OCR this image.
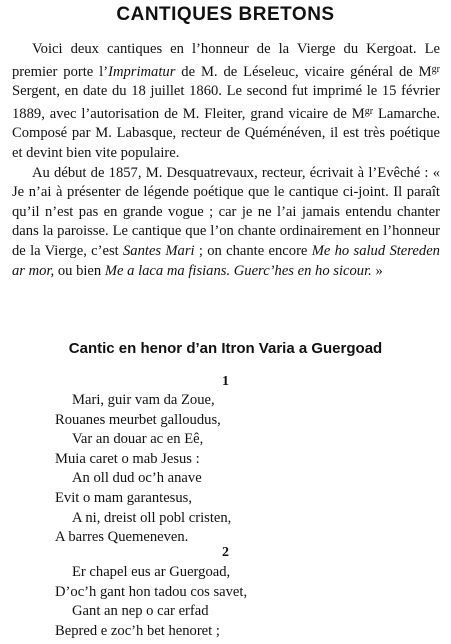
CANTIQUES BRETONS

Voici deux cantiques en l’honneur de la Vierge du Kergoat. Le premier porte l’Imprimatur de M. de Léseleuc, vicaire général de $M^{gr}$ Sergent, en date du 18 juillet 1860. Le second fut imprimé le 15 février 1889, avec l’autorisation de M. Fleiter, grand vicaire de $M^{gr}$ Lamarche. Composé par M. Labasque, recteur de Quéménéven, il est très poétique et devint bien vite populaire.

Au début de 1857, M. Desquatrevaux, recteur, écrivait à l’Evêché : « Je n’ai à présenter de légende poétique que le cantique ci-joint. Il paraît qu’il n’est pas en grande vogue ; car je ne l’ai jamais entendu chanter dans la paroisse. Le cantique que l’on chante ordinairement en l’honneur de la Vierge, c’est Santes Mari ; on chante encore Me ho salud Stereden ar mor, ou bien Me a laca ma fisians. Guerc’hes en ho sicour. »

Cantic en henor d’an Itron Varia a Guergoad
1
Mari, guir vam da Zoue,
Rouanes meurbet galloudus,
Var an douar ac en Eê,
Muia caret o mab Jesus :
An oll dud oc’h anave
Evit o mam garantesus,
A ni, dreist oll pobl cristen,
A barres Quemeneven.
2
Er chapel eus ar Guergoad,
D’oc’h gant hon tadou cos savet,
Gant an nep o car erfad
Bepred e zoc’h bet henoret ;
